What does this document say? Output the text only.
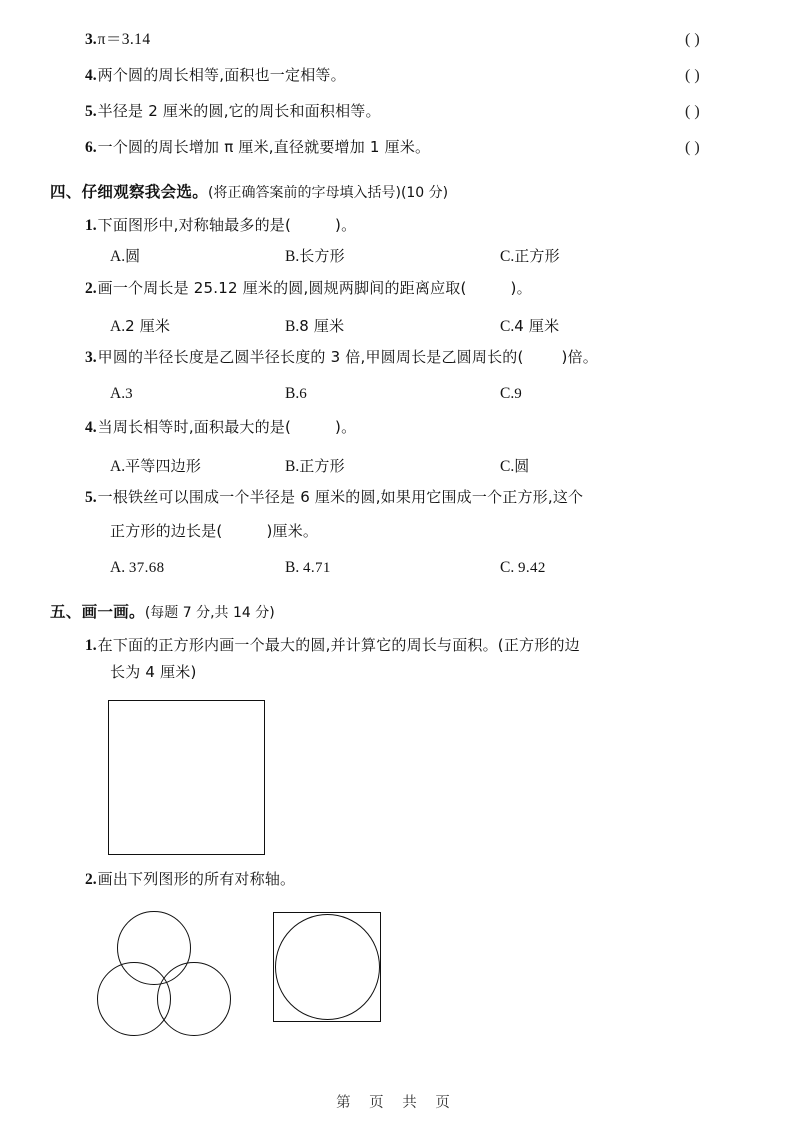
3.π＝3.14	( )
4.两个圆的周长相等,面积也一定相等。	( )
5.半径是 2 厘米的圆,它的周长和面积相等。	( )
6.一个圆的周长增加 π 厘米,直径就要增加 1 厘米。	( )
四、仔细观察我会选。(将正确答案前的字母填入括号)(10 分)
1.下面图形中,对称轴最多的是(	)。
A.圆	B.长方形	C.正方形
2.画一个周长是 25.12 厘米的圆,圆规两脚间的距离应取(	)。
A.2 厘米	B.8 厘米	C.4 厘米
3.甲圆的半径长度是乙圆半径长度的 3 倍,甲圆周长是乙圆周长的(	)倍。
A.3	B.6	C.9
4.当周长相等时,面积最大的是(	)。
A.平等四边形	B.正方形	C.圆
5.一根铁丝可以围成一个半径是 6 厘米的圆,如果用它围成一个正方形,这个
正方形的边长是(	)厘米。
A. 37.68	B. 4.71	C. 9.42
五、画一画。(每题 7 分,共 14 分)
1.在下面的正方形内画一个最大的圆,并计算它的周长与面积。(正方形的边
长为 4 厘米)
2.画出下列图形的所有对称轴。
第 页 共 页
